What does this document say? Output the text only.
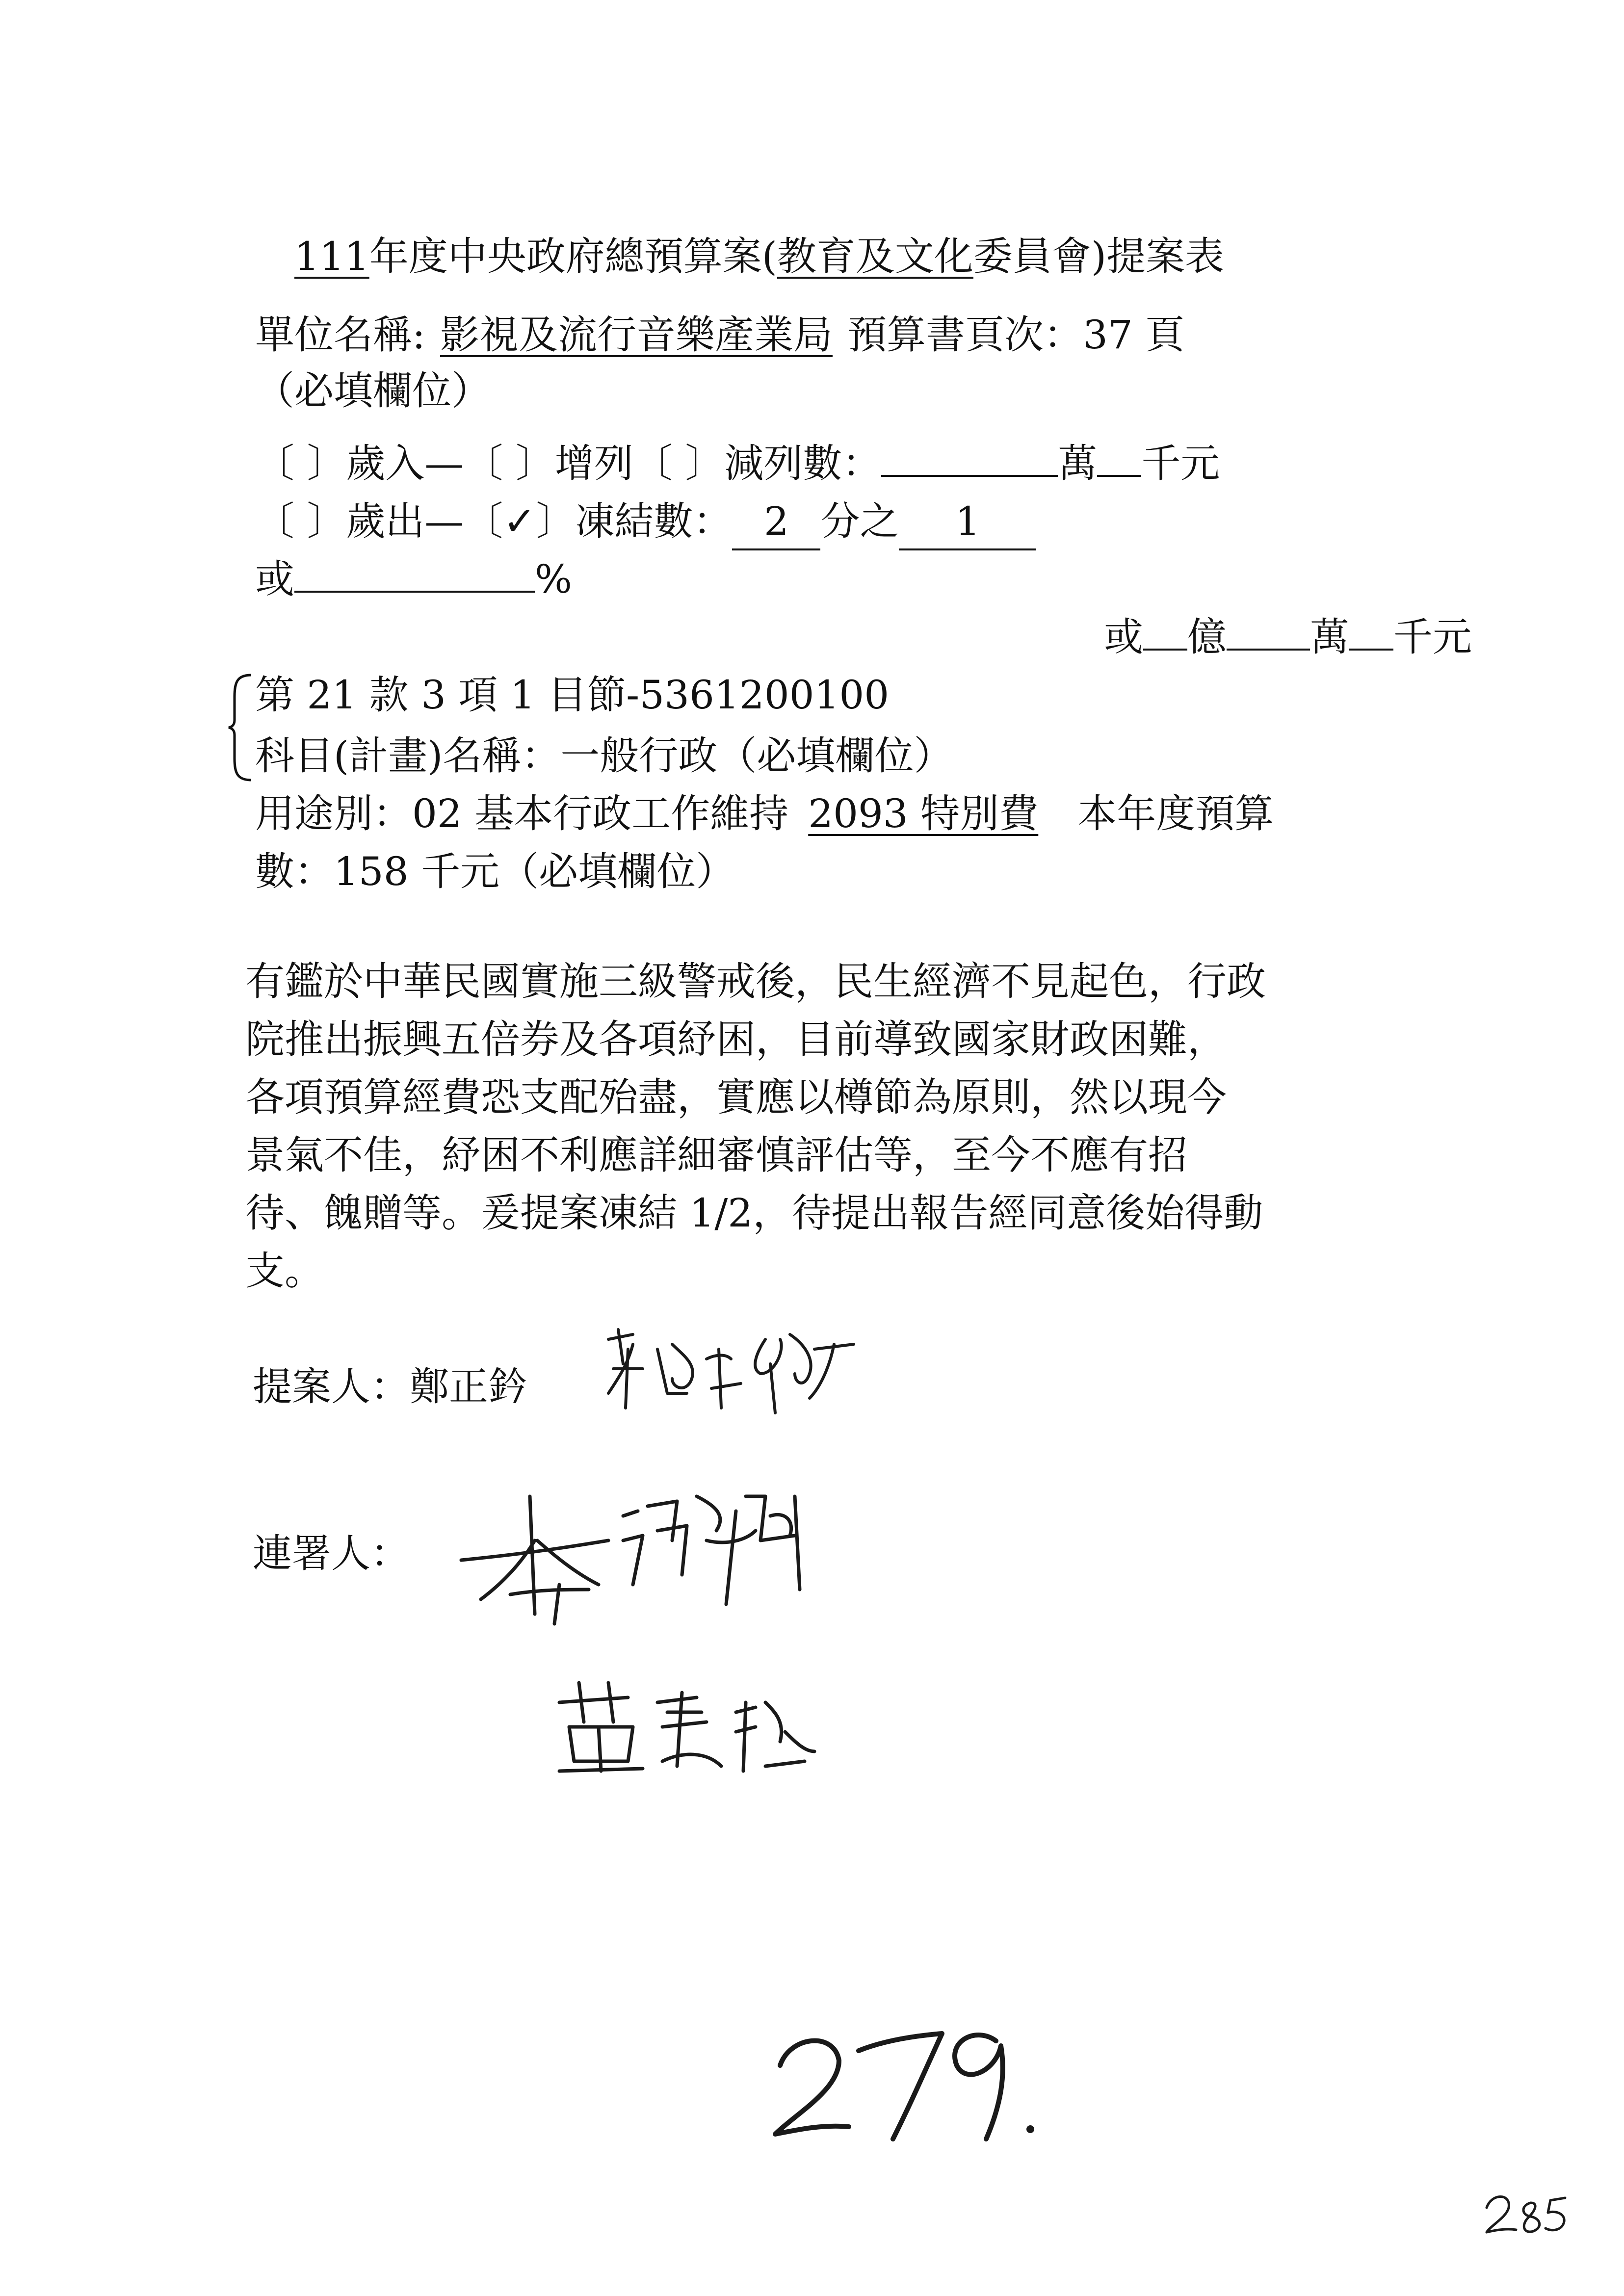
111年度中央政府總預算案(教育及文化委員會)提案表
單位名稱: 影視及流行音樂產業局 預算書頁次：37 頁
（必填欄位）
〔 〕歲入—〔 〕增列〔 〕減列數：	萬 千元
〔 〕歲出—〔✓〕凍結數： 2 分之 1
或	%
或 億 萬 千元
第 21 款 3 項 1 目節-5361200100
科目(計畫)名稱：一般行政（必填欄位）
用途別：02 基本行政工作維持 2093 特別費 本年度預算
數：158 千元（必填欄位）
有鑑於中華民國實施三級警戒後，民生經濟不見起色，行政
院推出振興五倍券及各項紓困，目前導致國家財政困難，
各項預算經費恐支配殆盡，實應以樽節為原則，然以現今
景氣不佳，紓困不利應詳細審慎評估等，至今不應有招
待、餽贈等。爰提案凍結 1/2，待提出報告經同意後始得動
支。
提案人：鄭正鈐
連署人：
